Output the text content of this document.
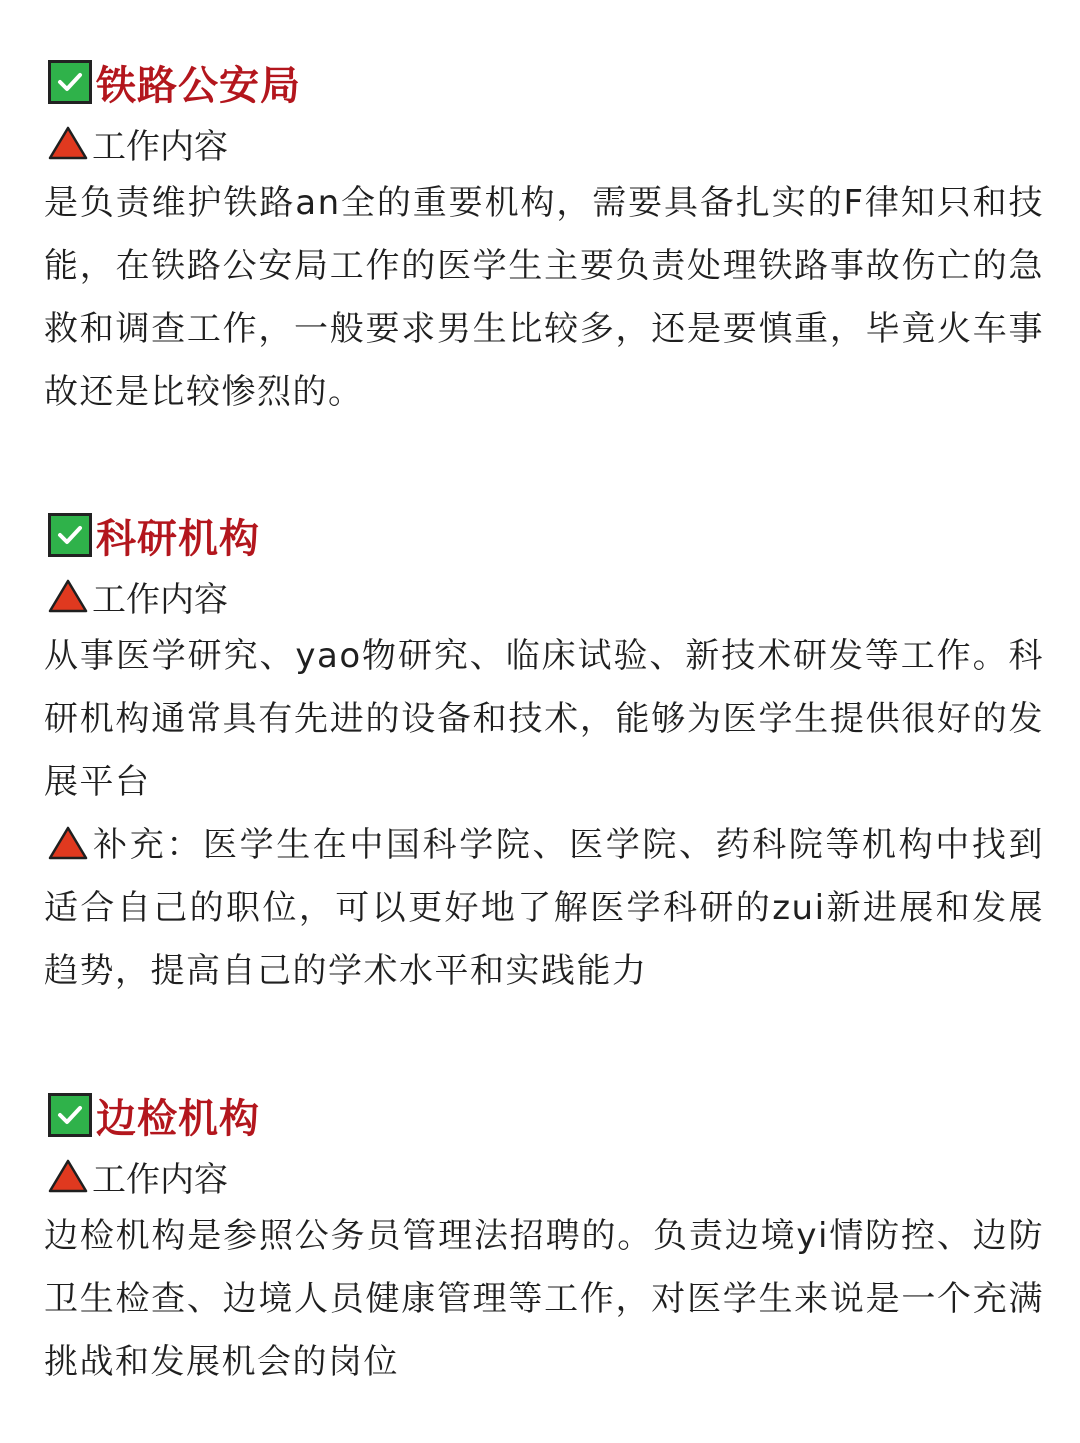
铁路公安局
工作内容

是负责维护铁路an全的重要机构，需要具备扎实的F律知只和技能，在铁路公安局工作的医学生主要负责处理铁路事故伤亡的急救和调查工作，一般要求男生比较多，还是要慎重，毕竟火车事故还是比较惨烈的。

科研机构
工作内容

从事医学研究、yao物研究、临床试验、新技术研发等工作。科研机构通常具有先进的设备和技术，能够为医学生提供很好的发展平台

补充：医学生在中国科学院、医学院、药科院等机构中找到适合自己的职位，可以更好地了解医学科研的zui新进展和发展趋势，提高自己的学术水平和实践能力

边检机构
工作内容

边检机构是参照公务员管理法招聘的。负责边境yi情防控、边防卫生检查、边境人员健康管理等工作，对医学生来说是一个充满挑战和发展机会的岗位
